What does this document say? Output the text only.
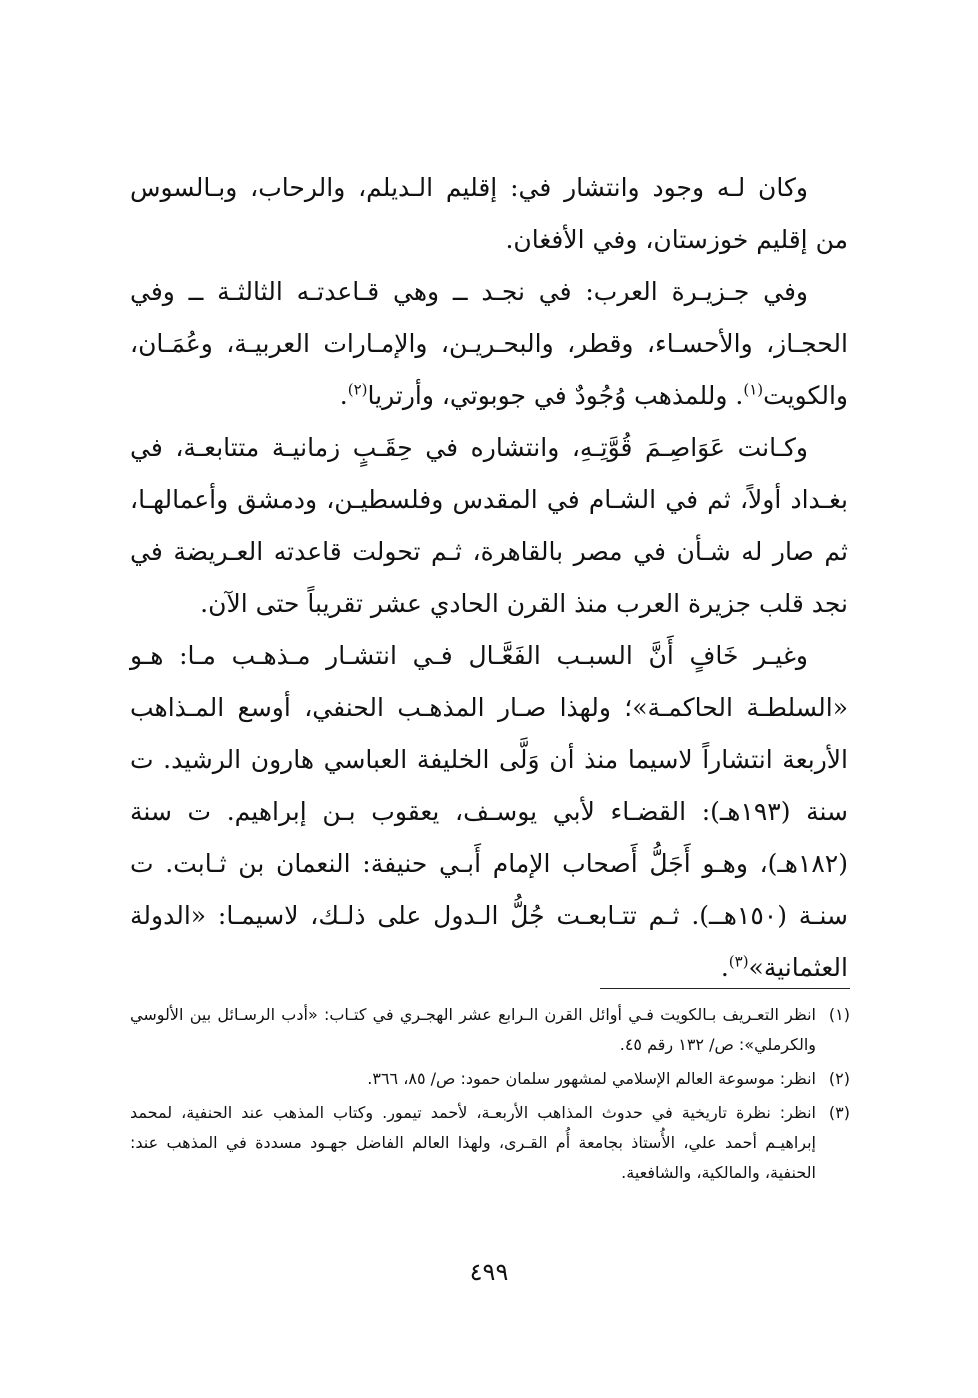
وكان لـه وجود وانتشار في: إقليم الـديلم، والرحاب، وبـالسوس من إقليم خوزستان، وفي الأفغان.

وفي جـزيـرة العرب: في نجـد ــ وهي قـاعدتـه الثالثـة ــ وفي الحجـاز، والأحسـاء، وقطر، والبحـريـن، والإمـارات العربيـة، وعُمَـان، والكويت$^{(١)}$. وللمذهب وُجُودٌ في جوبوتي، وأرتريا$^{(٢)}$.

وكـانت عَوَاصِـمَ قُوَّتِـهِ، وانتشاره في حِقَـبٍ زمانيـة متتابعـة، في بغـداد أولاً، ثم في الشـام في المقدس وفلسطيـن، ودمشق وأعمالهـا، ثم صار له شـأن في مصر بالقاهرة، ثـم تحولت قاعدته العـريضة في نجد قلب جزيرة العرب منذ القرن الحادي عشر تقريباً حتى الآن.

وغيـر خَافٍ أَنَّ السبـب الفَعَّـال فـي انتشـار مـذهـب مـا: هـو «السلطـة الحاكمـة»؛ ولهذا صـار المذهـب الحنفي، أوسع المـذاهب الأربعة انتشاراً لاسيما منذ أن وَلَّى الخليفة العباسي هارون الرشيد. ت سنة (١٩٣هـ): القضـاء لأبي يوسـف، يعقوب بـن إبراهيم. ت سنة (١٨٢هـ)، وهـو أَجَلُّ أَصحاب الإمام أَبـي حنيفة: النعمان بن ثـابت. ت سنـة (١٥٠هــ). ثـم تتـابعـت جُلُّ الـدول على ذلـك، لاسيمـا: «الدولة العثمانية»$^{(٣)}$.

(١)
انظر التعـريف بـالكويت فـي أوائل القرن الـرابع عشر الهجـري في كتـاب: «أدب الرسـائل بين الألوسي والكرملي»: ص/ ١٣٢ رقم ٤٥.
(٢)
انظر: موسوعة العالم الإسلامي لمشهور سلمان حمود: ص/ ٨٥، ٣٦٦.
(٣)
انظر: نظرة تاريخية في حدوث المذاهب الأربعـة، لأحمد تيمور. وكتاب المذهب عند الحنفية، لمحمد إبراهيـم أحمد علي، الأُستاذ بجامعة أُم القـرى، ولهذا العالم الفاضل جهـود مسددة في المذهب عند: الحنفية، والمالكية، والشافعية.
٤٩٩
